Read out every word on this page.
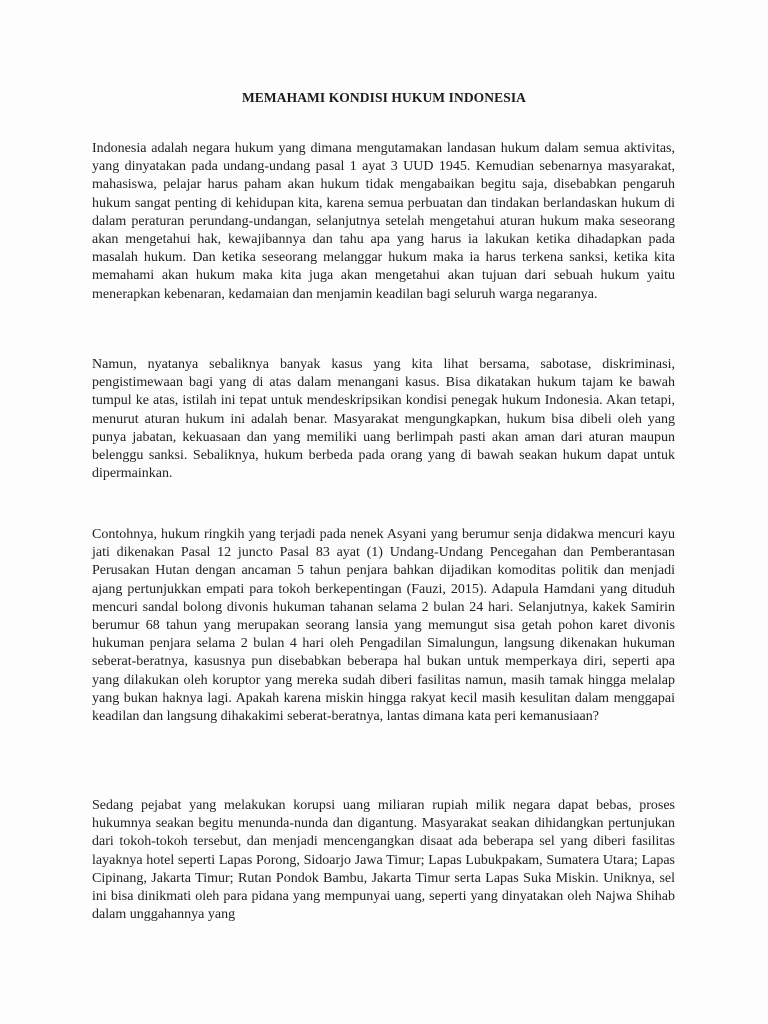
MEMAHAMI KONDISI HUKUM INDONESIA

Indonesia adalah negara hukum yang dimana mengutamakan landasan hukum dalam semua aktivitas, yang dinyatakan pada undang-undang pasal 1 ayat 3 UUD 1945. Kemudian sebenarnya masyarakat, mahasiswa, pelajar harus paham akan hukum tidak mengabaikan begitu saja, disebabkan pengaruh hukum sangat penting di kehidupan kita, karena semua perbuatan dan tindakan berlandaskan hukum di dalam peraturan perundang-undangan, selanjutnya setelah mengetahui aturan hukum maka seseorang akan mengetahui hak, kewajibannya dan tahu apa yang harus ia lakukan ketika dihadapkan pada masalah hukum. Dan ketika seseorang melanggar hukum maka ia harus terkena sanksi, ketika kita memahami akan hukum maka kita juga akan mengetahui akan tujuan dari sebuah hukum yaitu menerapkan kebenaran, kedamaian dan menjamin keadilan bagi seluruh warga negaranya.

Namun, nyatanya sebaliknya banyak kasus yang kita lihat bersama, sabotase, diskriminasi, pengistimewaan bagi yang di atas dalam menangani kasus. Bisa dikatakan hukum tajam ke bawah tumpul ke atas, istilah ini tepat untuk mendeskripsikan kondisi penegak hukum Indonesia. Akan tetapi, menurut aturan hukum ini adalah benar. Masyarakat mengungkapkan, hukum bisa dibeli oleh yang punya jabatan, kekuasaan dan yang memiliki uang berlimpah pasti akan aman dari aturan maupun belenggu sanksi. Sebaliknya, hukum berbeda pada orang yang di bawah seakan hukum dapat untuk dipermainkan.

Contohnya, hukum ringkih yang terjadi pada nenek Asyani yang berumur senja didakwa mencuri kayu jati dikenakan Pasal 12 juncto Pasal 83 ayat (1) Undang-Undang Pencegahan dan Pemberantasan Perusakan Hutan dengan ancaman 5 tahun penjara bahkan dijadikan komoditas politik dan menjadi ajang pertunjukkan empati para tokoh berkepentingan (Fauzi, 2015). Adapula Hamdani yang dituduh mencuri sandal bolong divonis hukuman tahanan selama 2 bulan 24 hari. Selanjutnya, kakek Samirin berumur 68 tahun yang merupakan seorang lansia yang memungut sisa getah pohon karet divonis hukuman penjara selama 2 bulan 4 hari oleh Pengadilan Simalungun, langsung dikenakan hukuman seberat-beratnya, kasusnya pun disebabkan beberapa hal bukan untuk memperkaya diri, seperti apa yang dilakukan oleh koruptor yang mereka sudah diberi fasilitas namun, masih tamak hingga melalap yang bukan haknya lagi. Apakah karena miskin hingga rakyat kecil masih kesulitan dalam menggapai keadilan dan langsung dihakakimi seberat-beratnya, lantas dimana kata peri kemanusiaan?

Sedang pejabat yang melakukan korupsi uang miliaran rupiah milik negara dapat bebas, proses hukumnya seakan begitu menunda-nunda dan digantung. Masyarakat seakan dihidangkan pertunjukan dari tokoh-tokoh tersebut, dan menjadi mencengangkan disaat ada beberapa sel yang diberi fasilitas layaknya hotel seperti Lapas Porong, Sidoarjo Jawa Timur; Lapas Lubukpakam, Sumatera Utara; Lapas Cipinang, Jakarta Timur; Rutan Pondok Bambu, Jakarta Timur serta Lapas Suka Miskin. Uniknya, sel ini bisa dinikmati oleh para pidana yang mempunyai uang, seperti yang dinyatakan oleh Najwa Shihab dalam unggahannya yang
